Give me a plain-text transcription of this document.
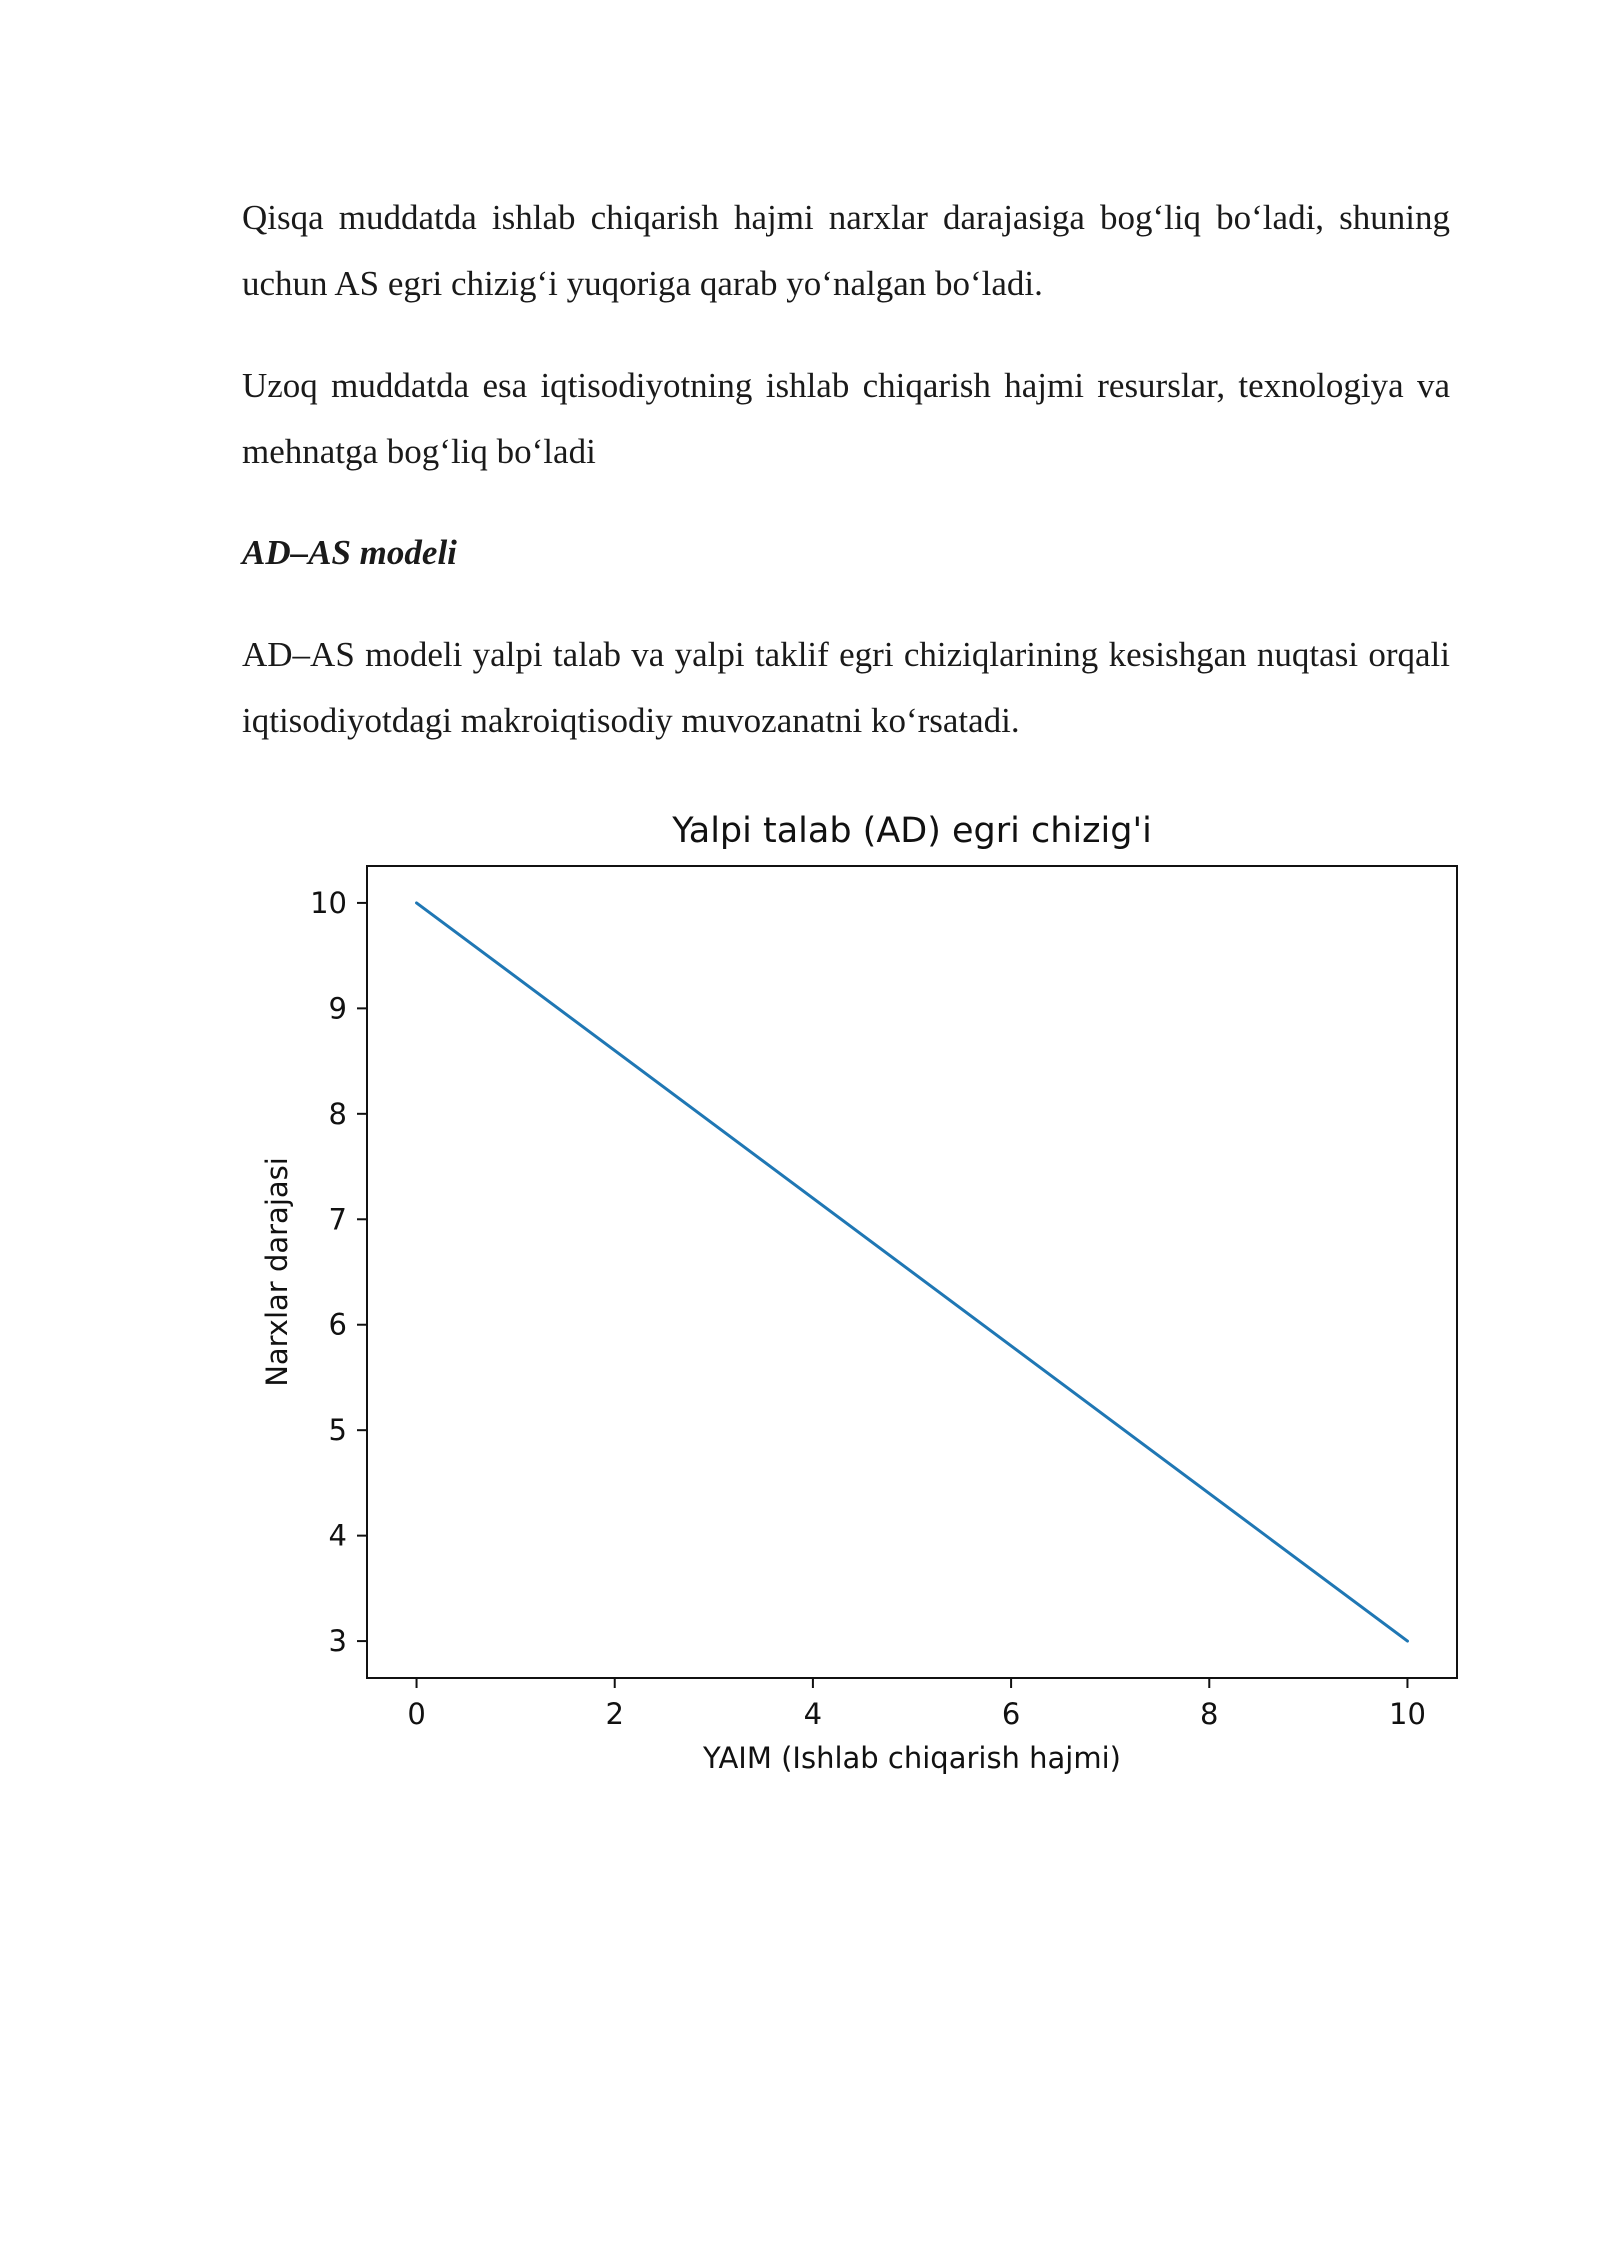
Qisqa muddatda ishlab chiqarish hajmi narxlar darajasiga bog‘liq bo‘ladi, shuning uchun AS egri chizig‘i yuqoriga qarab yo‘nalgan bo‘ladi.

Uzoq muddatda esa iqtisodiyotning ishlab chiqarish hajmi resurslar, texnologiya va mehnatga bog‘liq bo‘ladi

AD–AS modeli

AD–AS modeli yalpi talab va yalpi taklif egri chiziqlarining kesishgan nuqtasi orqali iqtisodiyotdagi makroiqtisodiy muvozanatni ko‘rsatadi.

Yalpi talab (AD) egri chizig'i
0	2	4	6	8	10
3
4
5
6
7
8
9
10
YAIM (Ishlab chiqarish hajmi)
Narxlar darajasi
